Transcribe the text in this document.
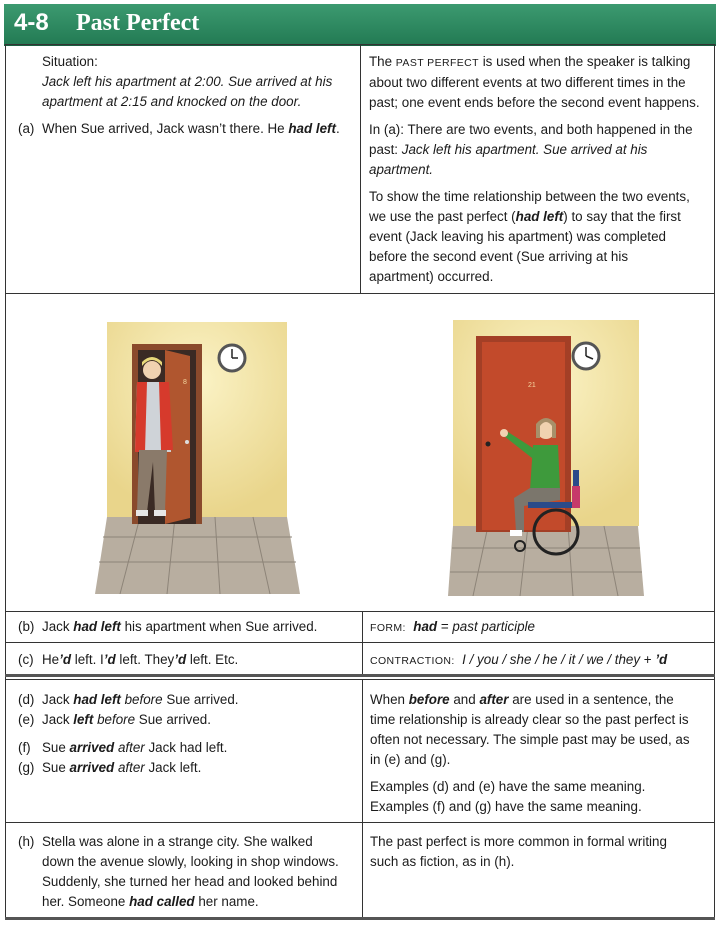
4-8 Past Perfect
Situation:
Jack left his apartment at 2:00. Sue arrived at his
apartment at 2:15 and knocked on the door.
(a) When Sue arrived, Jack wasn’t there. He had left.

The PAST PERFECT is used when the speaker is talking
about two different events at two different times in the
past; one event ends before the second event happens.

In (a): There are two events, and both happened in the
past: Jack left his apartment. Sue arrived at his
apartment.

To show the time relationship between the two events,
we use the past perfect (had left) to say that the first
event (Jack leaving his apartment) was completed
before the second event (Sue arriving at his
apartment) occurred.

8	21
(b) Jack had left his apartment when Sue arrived.	FORM: had = past participle
(c) He’d left. I’d left. They’d left. Etc.	CONTRACTION: I / you / she / he / it / we / they + ’d
(d) Jack had left before Sue arrived.
(e) Jack left before Sue arrived.
(f) Sue arrived after Jack had left.
(g) Sue arrived after Jack left.

When before and after are used in a sentence, the
time relationship is already clear so the past perfect is
often not necessary. The simple past may be used, as
in (e) and (g).

Examples (d) and (e) have the same meaning.
Examples (f) and (g) have the same meaning.

(h) Stella was alone in a strange city. She walked
down the avenue slowly, looking in shop windows.
Suddenly, she turned her head and looked behind
her. Someone had called her name.
The past perfect is more common in formal writing
such as fiction, as in (h).
